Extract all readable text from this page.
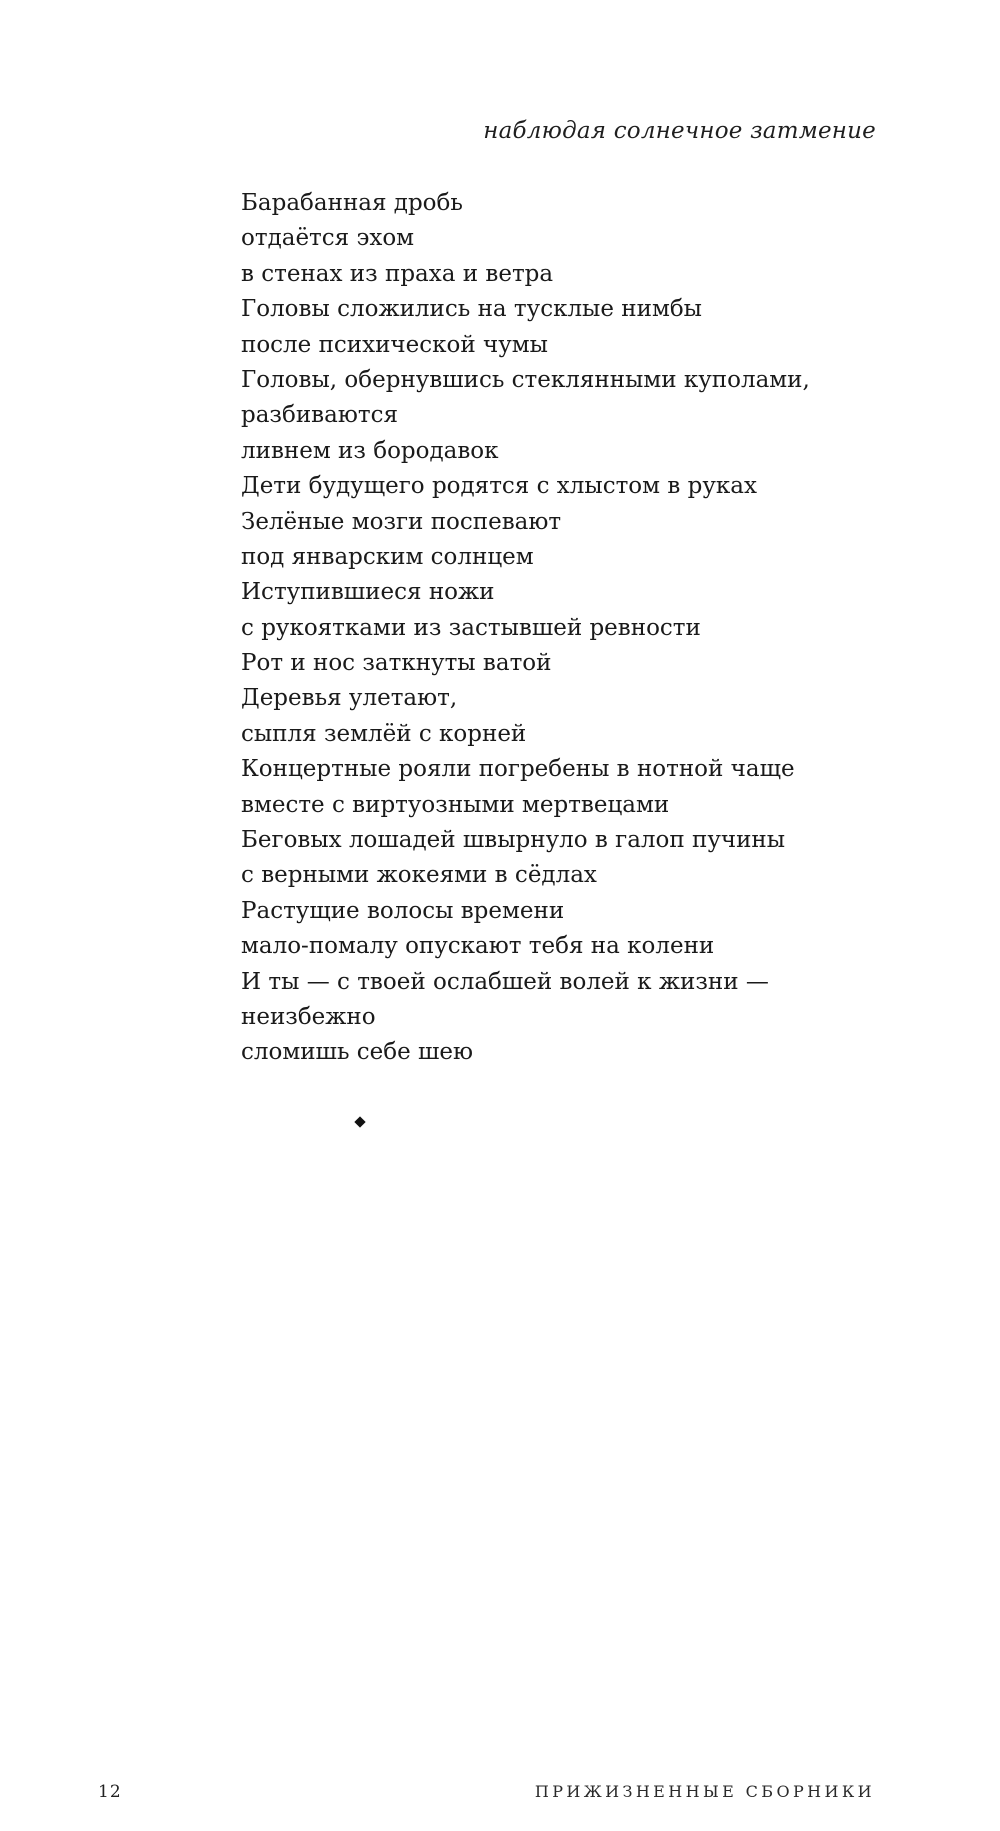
наблюдая солнечное затмение
Барабанная дробь
отдаётся эхом
в стенах из праха и ветра
Головы сложились на тусклые нимбы
после психической чумы
Головы, обернувшись стеклянными куполами,
разбиваются
ливнем из бородавок
Дети будущего родятся с хлыстом в руках
Зелёные мозги поспевают
под январским солнцем
Иступившиеся ножи
с рукоятками из застывшей ревности
Рот и нос заткнуты ватой
Деревья улетают,
сыпля землёй с корней
Концертные рояли погребены в нотной чаще
вместе с виртуозными мертвецами
Беговых лошадей швырнуло в галоп пучины
с верными жокеями в сёдлах
Растущие волосы времени
мало-помалу опускают тебя на колени
И ты — с твоей ослабшей волей к жизни —
неизбежно
сломишь себе шею
12	ПРИЖИЗНЕННЫЕ СБОРНИКИ
